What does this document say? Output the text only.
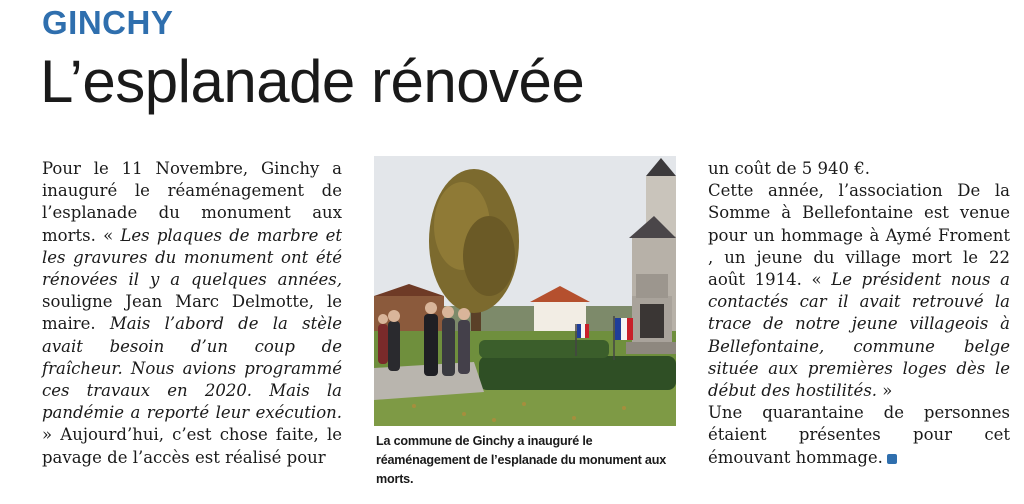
GINCHY
L’esplanade rénovée

Pour le 11 Novembre, Ginchy a inauguré le réaménagement de l’esplanade du monument aux morts. « Les plaques de marbre et les gravures du monument ont été rénovées il y a quelques années, souligne Jean Marc Delmotte, le maire. Mais l’abord de la stèle avait besoin d’un coup de fraîcheur. Nous avions programmé ces travaux en 2020. Mais la pandémie a reporté leur exécution. » Aujourd’hui, c’est chose faite, le pavage de l’accès est réalisé pour

La commune de Ginchy a inauguré le réaménagement de l’esplanade du monument aux morts.

un coût de 5 940 €.
Cette année, l’association De la Somme à Bellefontaine est venue pour un hommage à Aymé Froment , un jeune du village mort le 22 août 1914. « Le président nous a contactés car il avait retrouvé la trace de notre jeune villageois à Bellefontaine, commune belge située aux premières loges dès le début des hostilités. »
Une quarantaine de personnes étaient présentes pour cet émouvant hommage.
